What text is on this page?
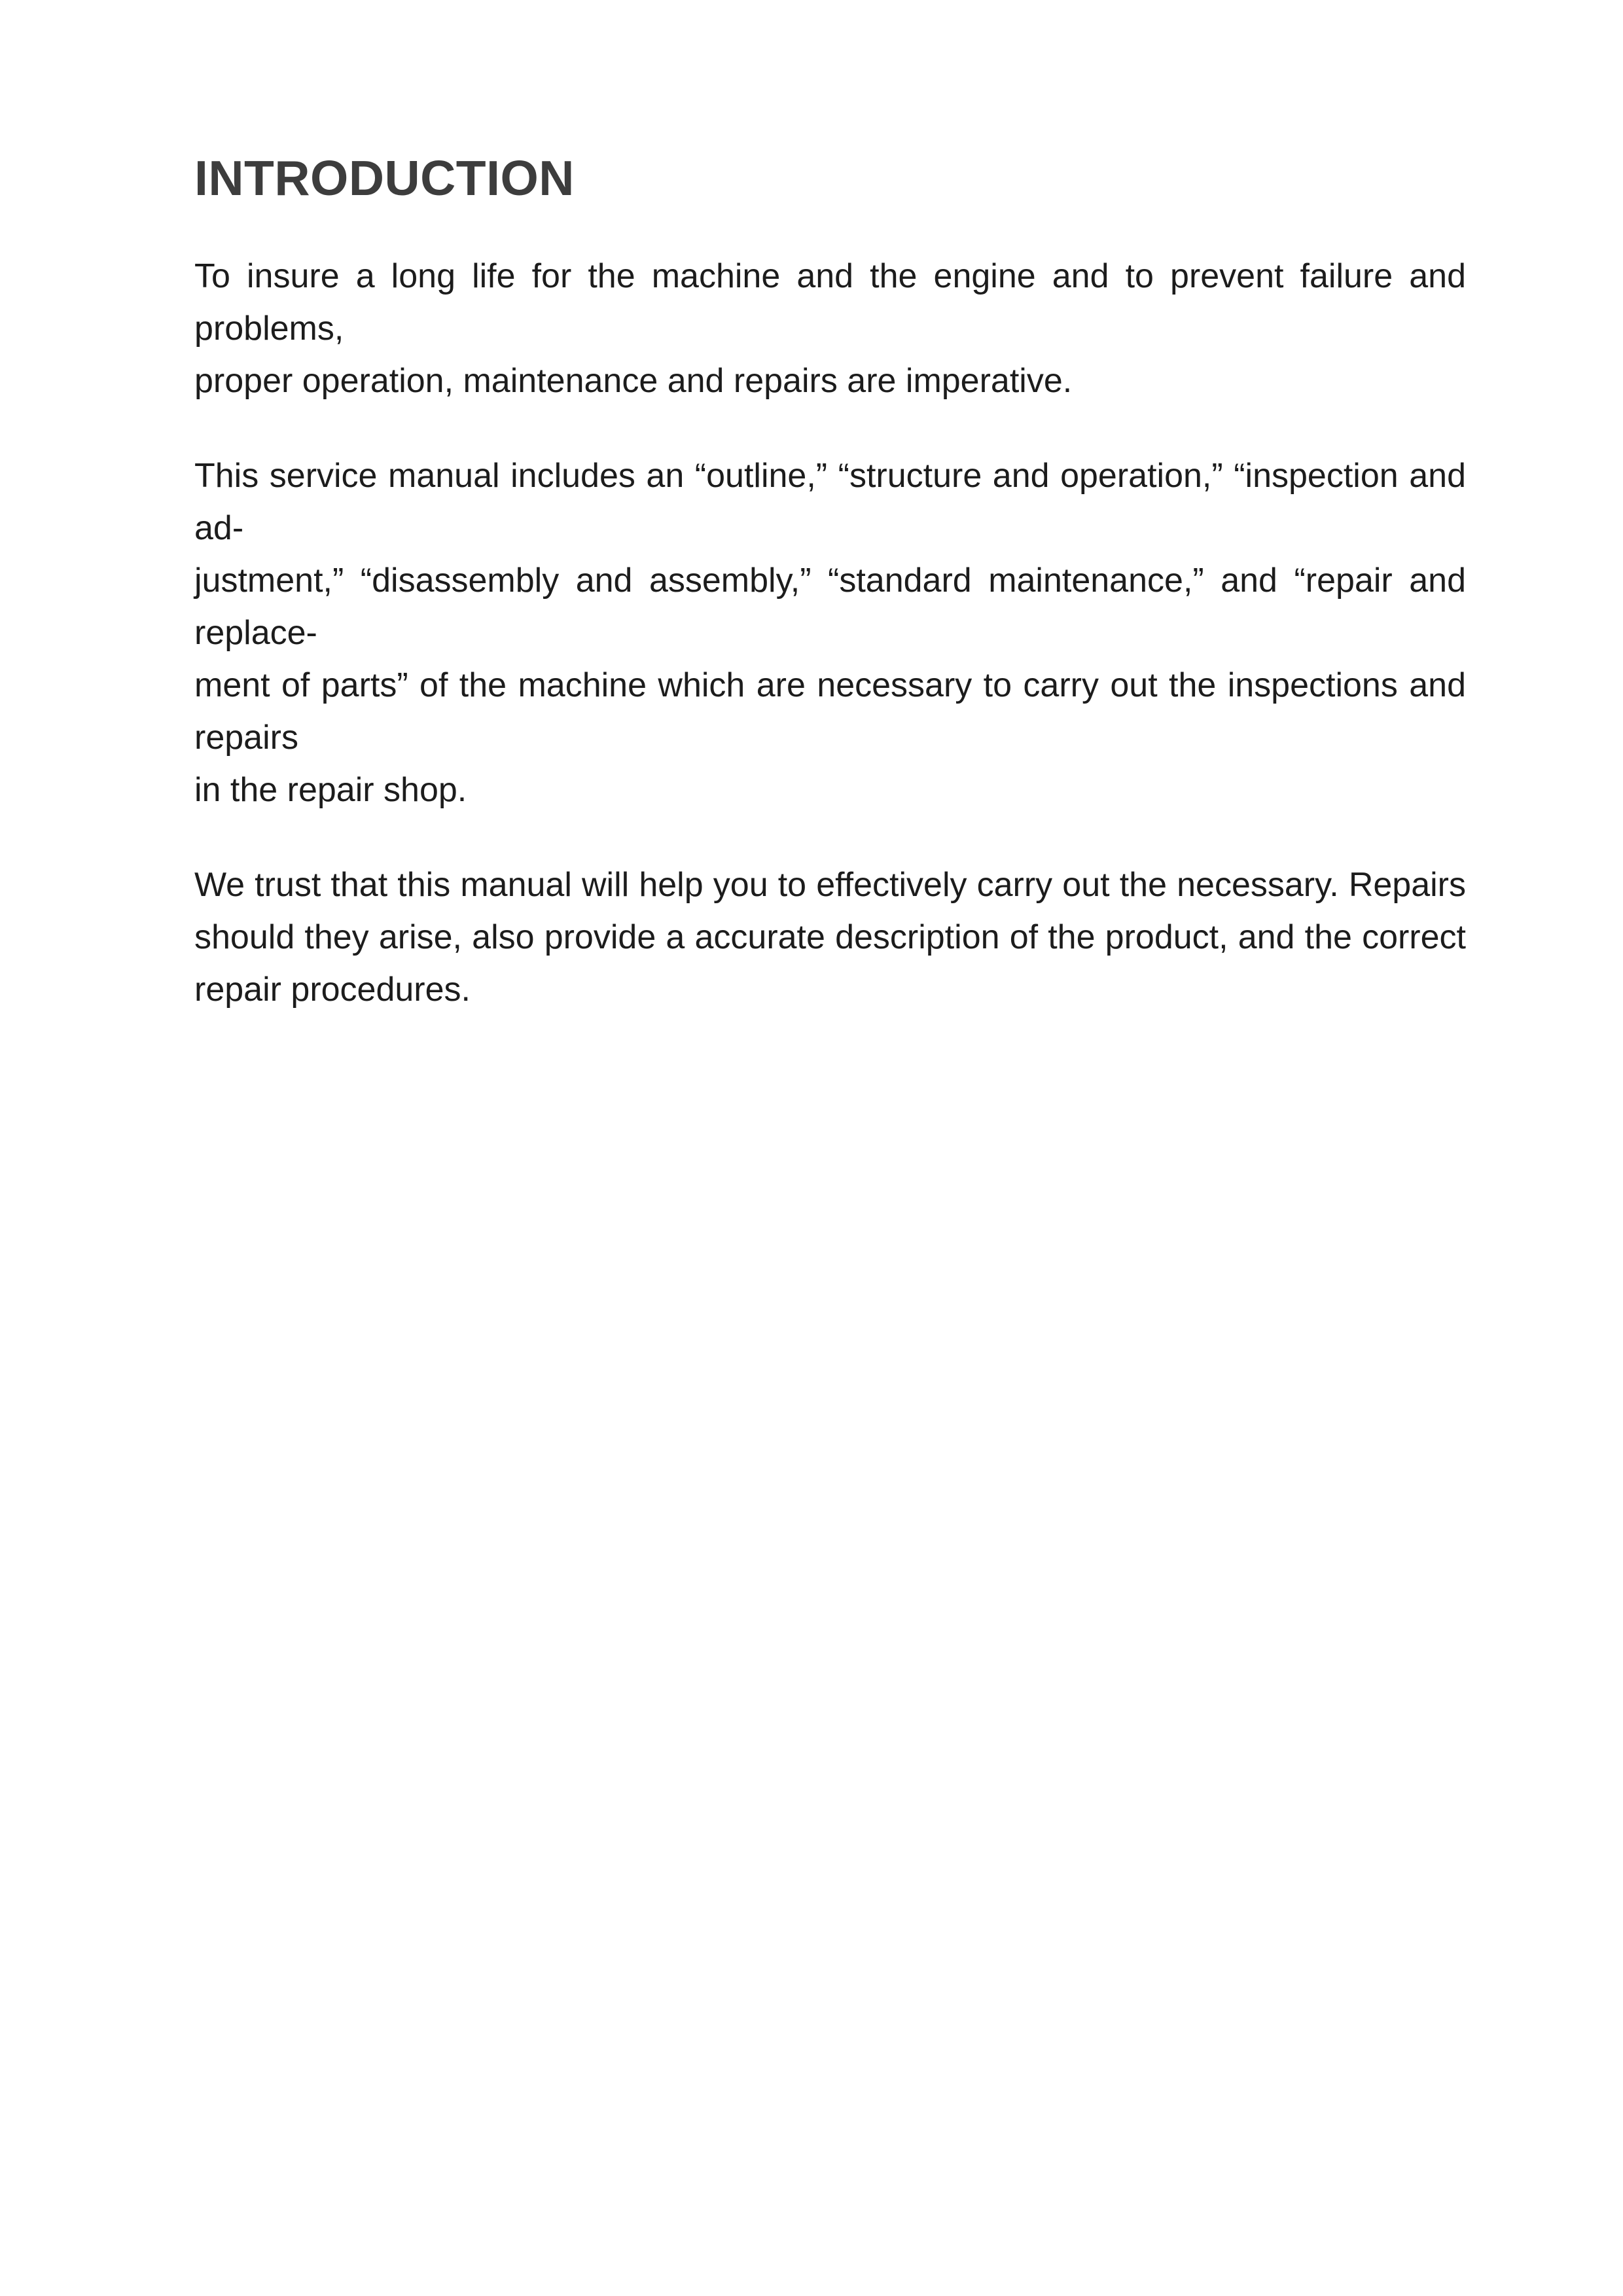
INTRODUCTION
To insure a long life for the machine and the engine and to prevent failure and problems,
proper operation, maintenance and repairs are imperative.
This service manual includes an “outline,” “structure and operation,” “inspection and ad-
justment,” “disassembly and assembly,” “standard maintenance,” and “repair and replace-
ment of parts” of the machine which are necessary to carry out the inspections and repairs
in the repair shop.
We trust that this manual will help you to effectively carry out the necessary. Repairs
should they arise, also provide a accurate description of the product, and the correct
repair procedures.
